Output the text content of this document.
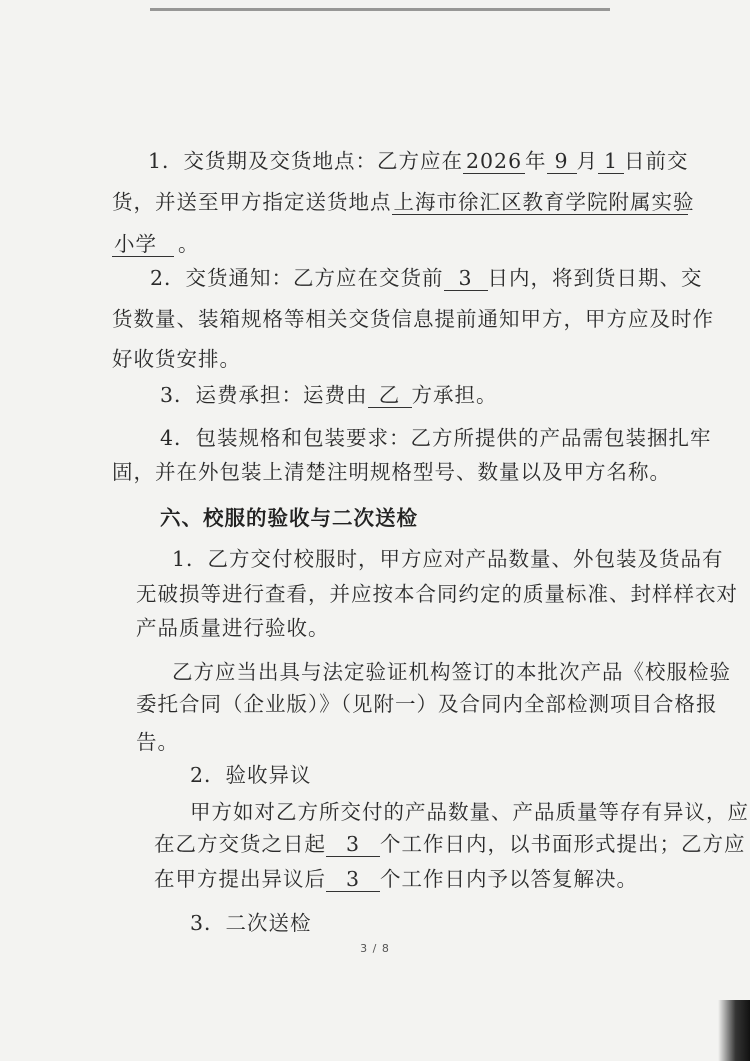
1．交货期及交货地点：乙方应在 2026 年 9 月 1 日前交
货，并送至甲方指定送货地点上海市徐汇区教育学院附属实验
小学 。
2．交货通知：乙方应在交货前 3 日内，将到货日期、交
货数量、装箱规格等相关交货信息提前通知甲方，甲方应及时作
好收货安排。
3．运费承担：运费由 乙 方承担。
4．包装规格和包装要求：乙方所提供的产品需包装捆扎牢
固，并在外包装上清楚注明规格型号、数量以及甲方名称。
六、校服的验收与二次送检
1．乙方交付校服时，甲方应对产品数量、外包装及货品有
无破损等进行查看，并应按本合同约定的质量标准、封样样衣对
产品质量进行验收。
乙方应当出具与法定验证机构签订的本批次产品《校服检验
委托合同（企业版）》（见附一）及合同内全部检测项目合格报
告。
2．验收异议
甲方如对乙方所交付的产品数量、产品质量等存有异议，应
在乙方交货之日起 3 个工作日内，以书面形式提出；乙方应
在甲方提出异议后 3 个工作日内予以答复解决。
3．二次送检
3 / 8
